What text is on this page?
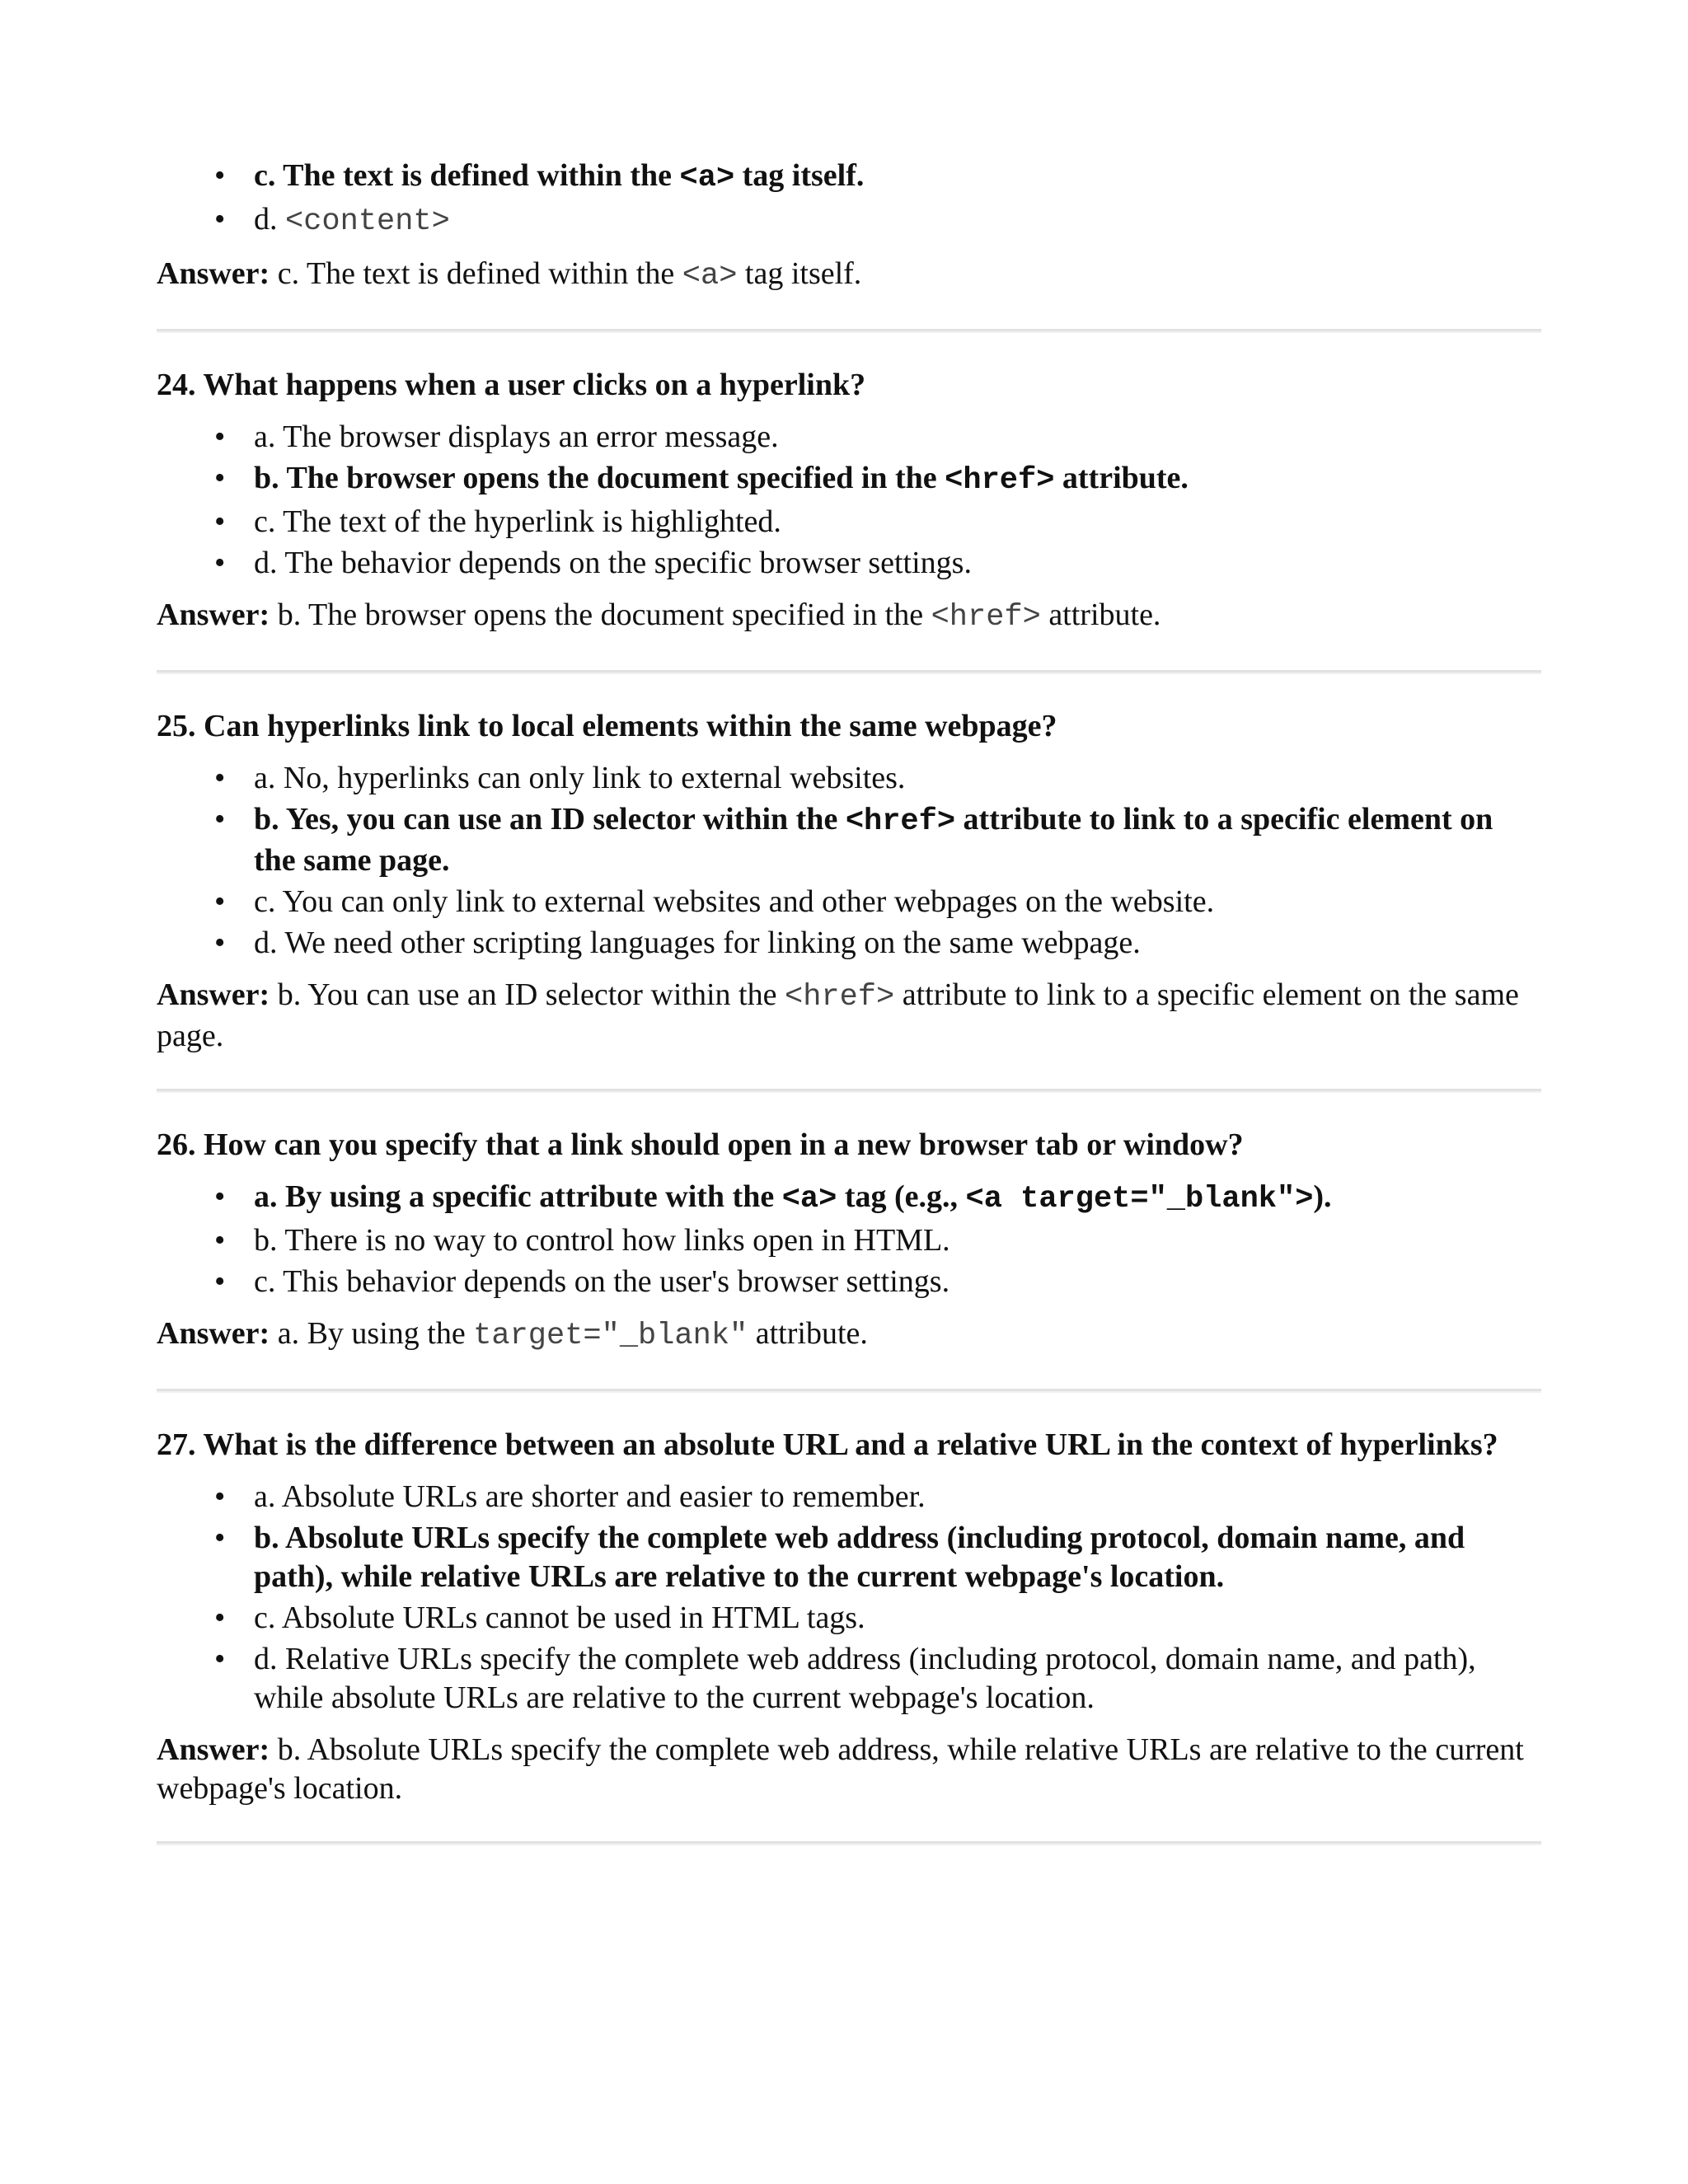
• c. The text is defined within the <a> tag itself.
• d. <content>

Answer: c. The text is defined within the <a> tag itself.

24. What happens when a user clicks on a hyperlink?

• a. The browser displays an error message.
• b. The browser opens the document specified in the <href> attribute.
• c. The text of the hyperlink is highlighted.
• d. The behavior depends on the specific browser settings.

Answer: b. The browser opens the document specified in the <href> attribute.

25. Can hyperlinks link to local elements within the same webpage?

• a. No, hyperlinks can only link to external websites.
• b. Yes, you can use an ID selector within the <href> attribute to link to a specific element on the same page.
• c. You can only link to external websites and other webpages on the website.
• d. We need other scripting languages for linking on the same webpage.

Answer: b. You can use an ID selector within the <href> attribute to link to a specific element on the same page.

26. How can you specify that a link should open in a new browser tab or window?

• a. By using a specific attribute with the <a> tag (e.g., <a target="_blank">).
• b. There is no way to control how links open in HTML.
• c. This behavior depends on the user's browser settings.

Answer: a. By using the target="_blank" attribute.

27. What is the difference between an absolute URL and a relative URL in the context of hyperlinks?

• a. Absolute URLs are shorter and easier to remember.
• b. Absolute URLs specify the complete web address (including protocol, domain name, and path), while relative URLs are relative to the current webpage's location.
• c. Absolute URLs cannot be used in HTML tags.
• d. Relative URLs specify the complete web address (including protocol, domain name, and path), while absolute URLs are relative to the current webpage's location.

Answer: b. Absolute URLs specify the complete web address, while relative URLs are relative to the current webpage's location.
